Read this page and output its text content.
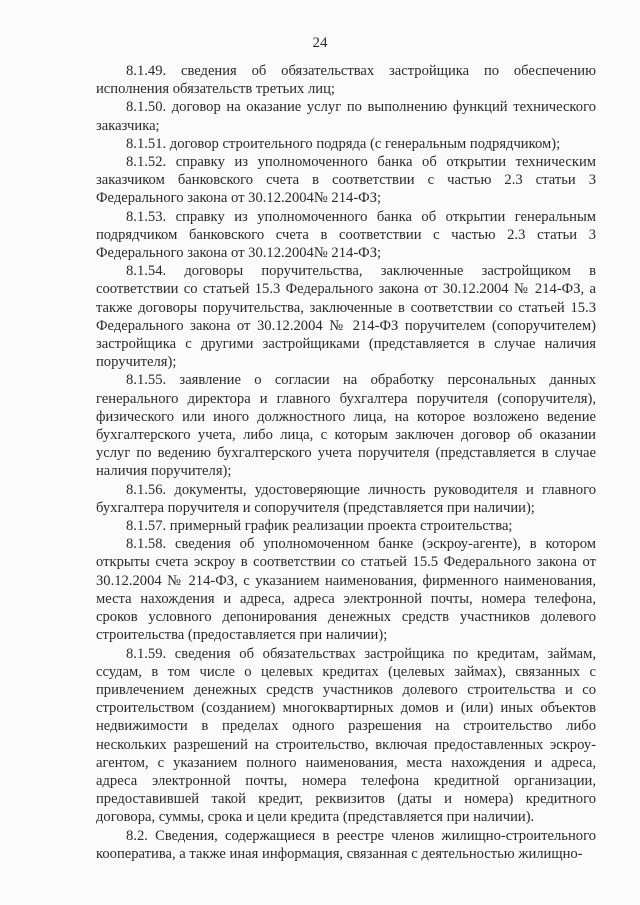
24

8.1.49. сведения об обязательствах застройщика по обеспечению исполнения обязательств третьих лиц;

8.1.50. договор на оказание услуг по выполнению функций технического заказчика;

8.1.51. договор строительного подряда (с генеральным подрядчиком);

8.1.52. справку из уполномоченного банка об открытии техническим заказчиком банковского счета в соответствии с частью 2.3 статьи 3 Федерального закона от 30.12.2004№ 214-ФЗ;

8.1.53. справку из уполномоченного банка об открытии генеральным подрядчиком банковского счета в соответствии с частью 2.3 статьи 3 Федерального закона от 30.12.2004№ 214-ФЗ;

8.1.54. договоры поручительства, заключенные застройщиком в соответствии со статьей 15.3 Федерального закона от 30.12.2004 № 214-ФЗ, а также договоры поручительства, заключенные в соответствии со статьей 15.3 Федерального закона от 30.12.2004 № 214-ФЗ поручителем (сопоручителем) застройщика с другими застройщиками (представляется в случае наличия поручителя);

8.1.55. заявление о согласии на обработку персональных данных генерального директора и главного бухгалтера поручителя (сопоручителя), физического или иного должностного лица, на которое возложено ведение бухгалтерского учета, либо лица, с которым заключен договор об оказании услуг по ведению бухгалтерского учета поручителя (представляется в случае наличия поручителя);

8.1.56. документы, удостоверяющие личность руководителя и главного бухгалтера поручителя и сопоручителя (представляется при наличии);

8.1.57. примерный график реализации проекта строительства;

8.1.58. сведения об уполномоченном банке (эскроу-агенте), в котором открыты счета эскроу в соответствии со статьей 15.5 Федерального закона от 30.12.2004 № 214-ФЗ, с указанием наименования, фирменного наименования, места нахождения и адреса, адреса электронной почты, номера телефона, сроков условного депонирования денежных средств участников долевого строительства (предоставляется при наличии);

8.1.59. сведения об обязательствах застройщика по кредитам, займам, ссудам, в том числе о целевых кредитах (целевых займах), связанных с привлечением денежных средств участников долевого строительства и со строительством (созданием) многоквартирных домов и (или) иных объектов недвижимости в пределах одного разрешения на строительство либо нескольких разрешений на строительство, включая предоставленных эскроу-агентом, с указанием полного наименования, места нахождения и адреса, адреса электронной почты, номера телефона кредитной организации, предоставившей такой кредит, реквизитов (даты и номера) кредитного договора, суммы, срока и цели кредита (представляется при наличии).

8.2. Сведения, содержащиеся в реестре членов жилищно-строительного кооператива, а также иная информация, связанная с деятельностью жилищно-
